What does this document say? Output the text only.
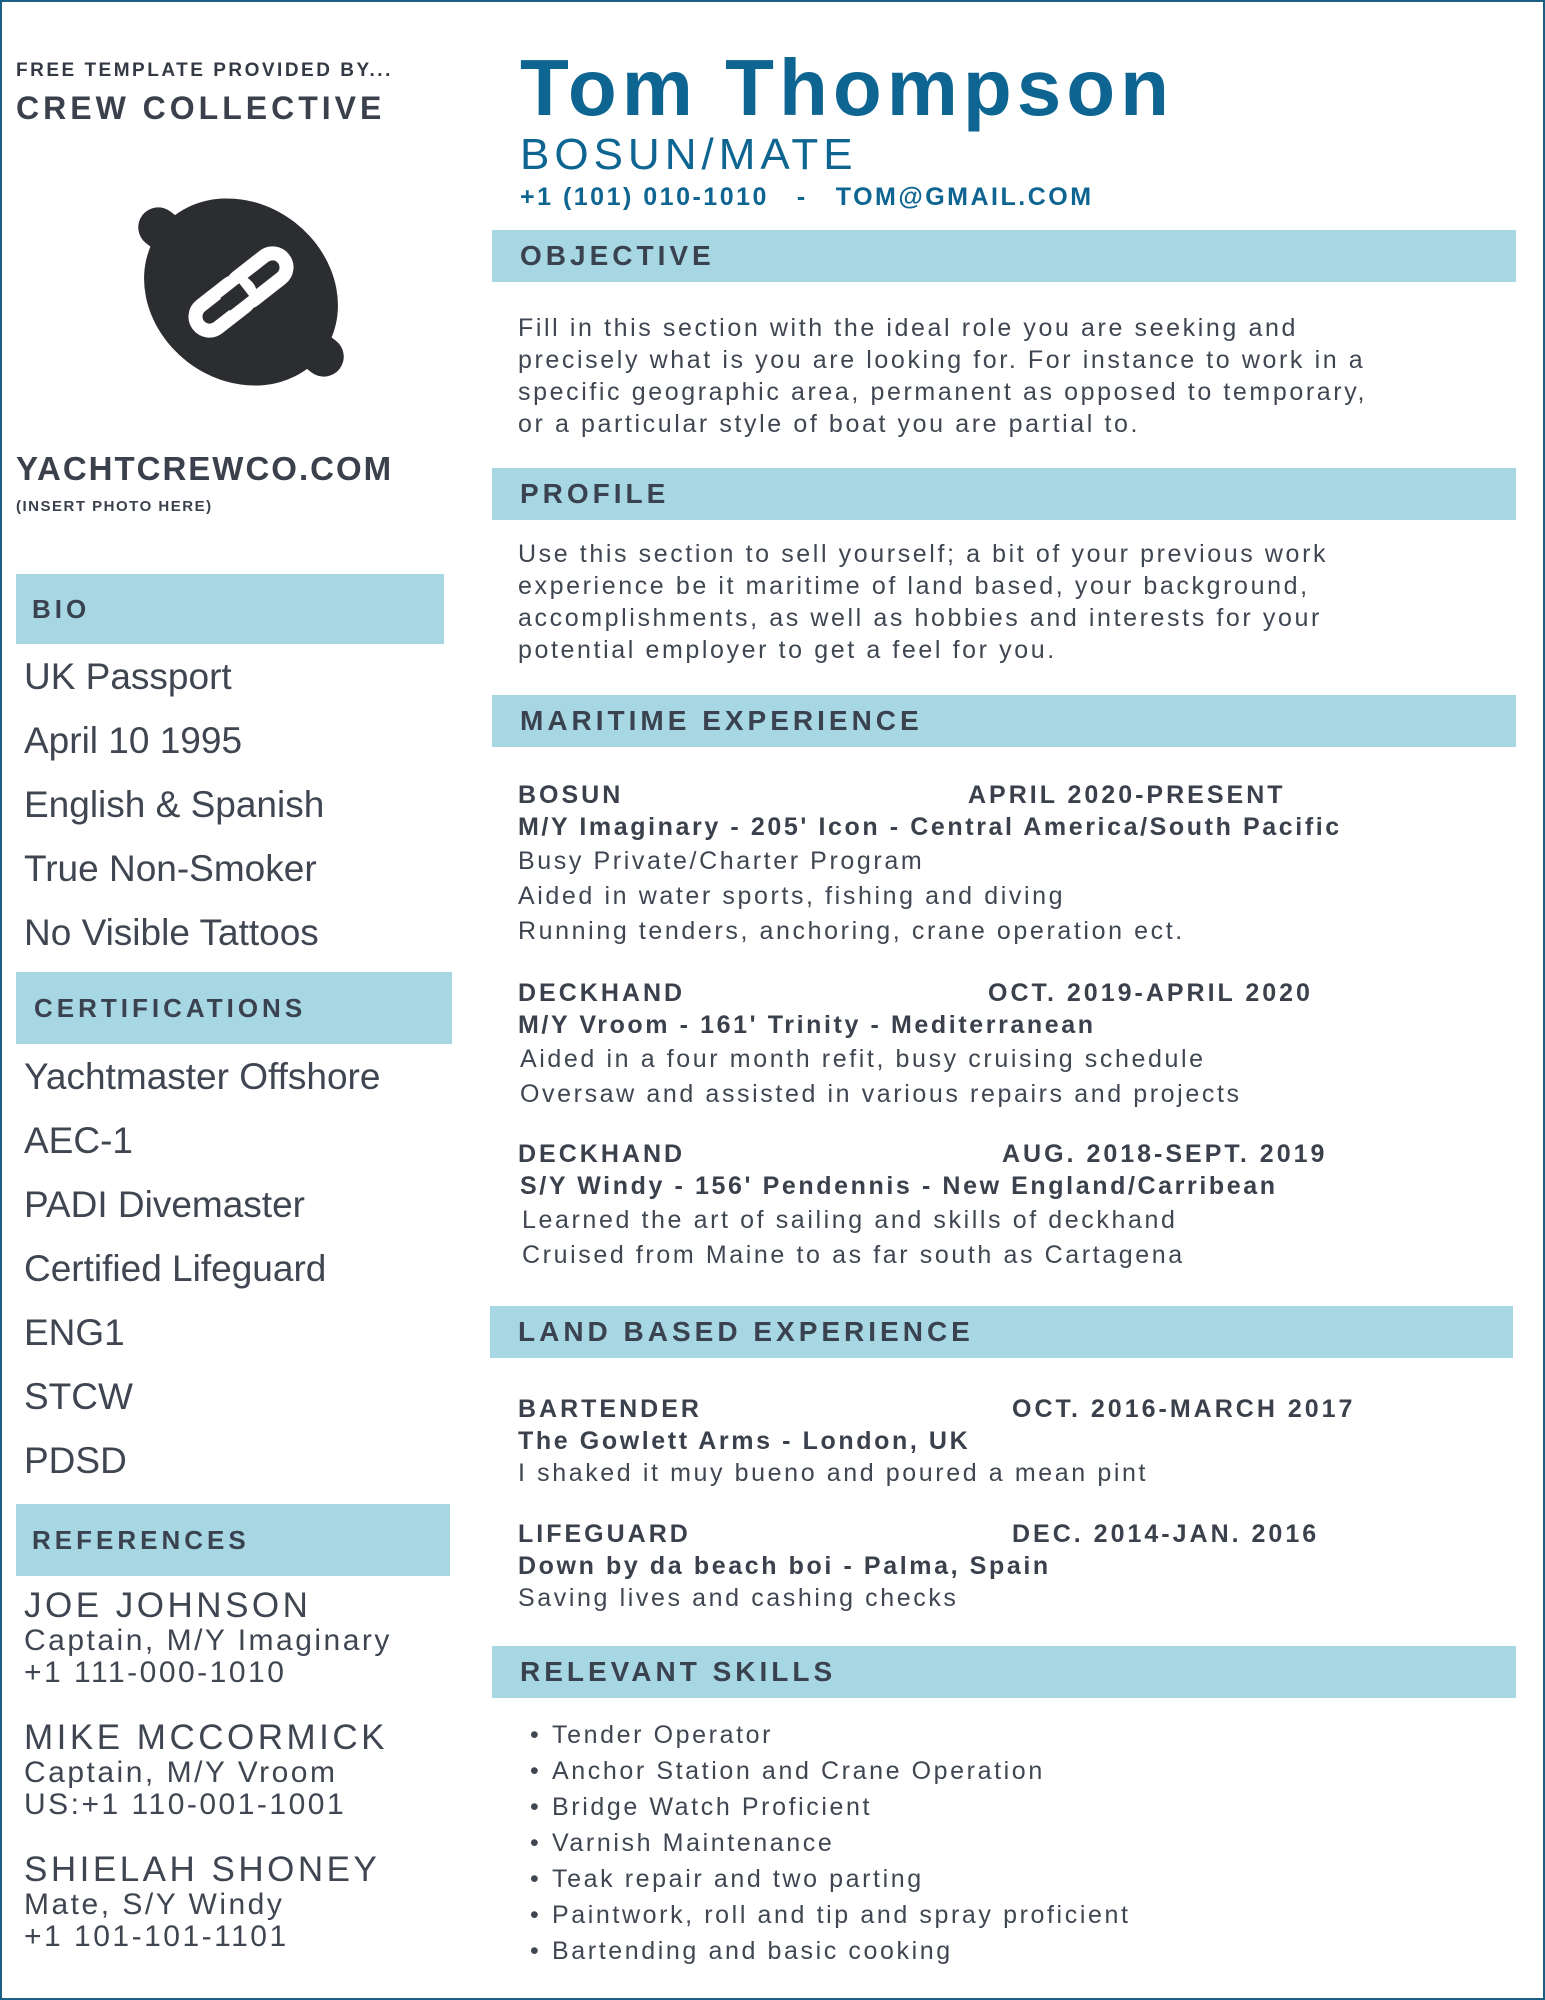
FREE TEMPLATE PROVIDED BY...
CREW COLLECTIVE
YACHTCREWCO.COM
(INSERT PHOTO HERE)
BIO
UK Passport
April 10 1995
English & Spanish
True Non-Smoker
No Visible Tattoos
CERTIFICATIONS
Yachtmaster Offshore
AEC-1
PADI Divemaster
Certified Lifeguard
ENG1
STCW
PDSD
REFERENCES
JOE JOHNSON
Captain, M/Y Imaginary
+1 111-000-1010
MIKE MCCORMICK
Captain, M/Y Vroom
US:+1 110-001-1001
SHIELAH SHONEY
Mate, S/Y Windy
+1 101-101-1101
Tom Thompson
BOSUN/MATE
+1 (101) 010-1010 - TOM@GMAIL.COM
OBJECTIVE
Fill in this section with the ideal role you are seeking and
precisely what is you are looking for. For instance to work in a
specific geographic area, permanent as opposed to temporary,
or a particular style of boat you are partial to.
PROFILE
Use this section to sell yourself; a bit of your previous work
experience be it maritime of land based, your background,
accomplishments, as well as hobbies and interests for your
potential employer to get a feel for you.
MARITIME EXPERIENCE
BOSUN	APRIL 2020-PRESENT
M/Y Imaginary - 205' Icon - Central America/South Pacific
Busy Private/Charter Program
Aided in water sports, fishing and diving
Running tenders, anchoring, crane operation ect.
DECKHAND	OCT. 2019-APRIL 2020
M/Y Vroom - 161' Trinity - Mediterranean
Aided in a four month refit, busy cruising schedule
Oversaw and assisted in various repairs and projects
DECKHAND	AUG. 2018-SEPT. 2019
S/Y Windy - 156' Pendennis - New England/Carribean
Learned the art of sailing and skills of deckhand
Cruised from Maine to as far south as Cartagena
LAND BASED EXPERIENCE
BARTENDER	OCT. 2016-MARCH 2017
The Gowlett Arms - London, UK
I shaked it muy bueno and poured a mean pint
LIFEGUARD	DEC. 2014-JAN. 2016
Down by da beach boi - Palma, Spain
Saving lives and cashing checks
RELEVANT SKILLS
• Tender Operator
• Anchor Station and Crane Operation
• Bridge Watch Proficient
• Varnish Maintenance
• Teak repair and two parting
• Paintwork, roll and tip and spray proficient
• Bartending and basic cooking
